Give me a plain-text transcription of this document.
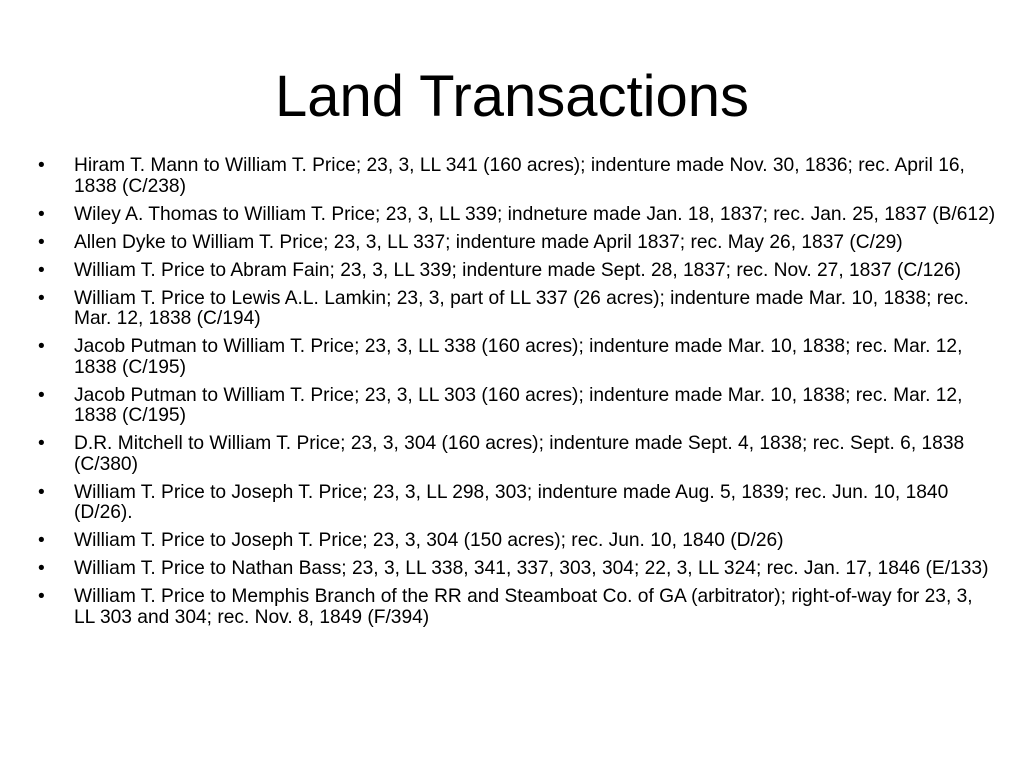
Land Transactions
•	Hiram T. Mann to William T. Price; 23, 3, LL 341 (160 acres); indenture made Nov. 30, 1836; rec. April 16, 1838 (C/238)
•	Wiley A. Thomas to William T. Price; 23, 3, LL 339; indneture made Jan. 18, 1837; rec. Jan. 25, 1837 (B/612)
•	Allen Dyke to William T. Price; 23, 3, LL 337; indenture made April 1837; rec. May 26, 1837 (C/29)
•	William T. Price to Abram Fain; 23, 3, LL 339; indenture made Sept. 28, 1837; rec. Nov. 27, 1837 (C/126)
•	William T. Price to Lewis A.L. Lamkin; 23, 3, part of LL 337 (26 acres); indenture made Mar. 10, 1838; rec. Mar. 12, 1838 (C/194)
•	Jacob Putman to William T. Price; 23, 3, LL 338 (160 acres); indenture made Mar. 10, 1838; rec. Mar. 12, 1838 (C/195)
•	Jacob Putman to William T. Price; 23, 3, LL 303 (160 acres); indenture made Mar. 10, 1838; rec. Mar. 12, 1838 (C/195)
•	D.R. Mitchell to William T. Price; 23, 3, 304 (160 acres); indenture made Sept. 4, 1838; rec. Sept. 6, 1838 (C/380)
•	William T. Price to Joseph T. Price; 23, 3, LL 298, 303; indenture made Aug. 5, 1839; rec. Jun. 10, 1840 (D/26).
•	William T. Price to Joseph T. Price; 23, 3, 304 (150 acres); rec. Jun. 10, 1840 (D/26)
•	William T. Price to Nathan Bass; 23, 3, LL 338, 341, 337, 303, 304; 22, 3, LL 324; rec. Jan. 17, 1846 (E/133)
•	William T. Price to Memphis Branch of the RR and Steamboat Co. of GA (arbitrator); right-of-way for 23, 3, LL 303 and 304; rec. Nov. 8, 1849 (F/394)
